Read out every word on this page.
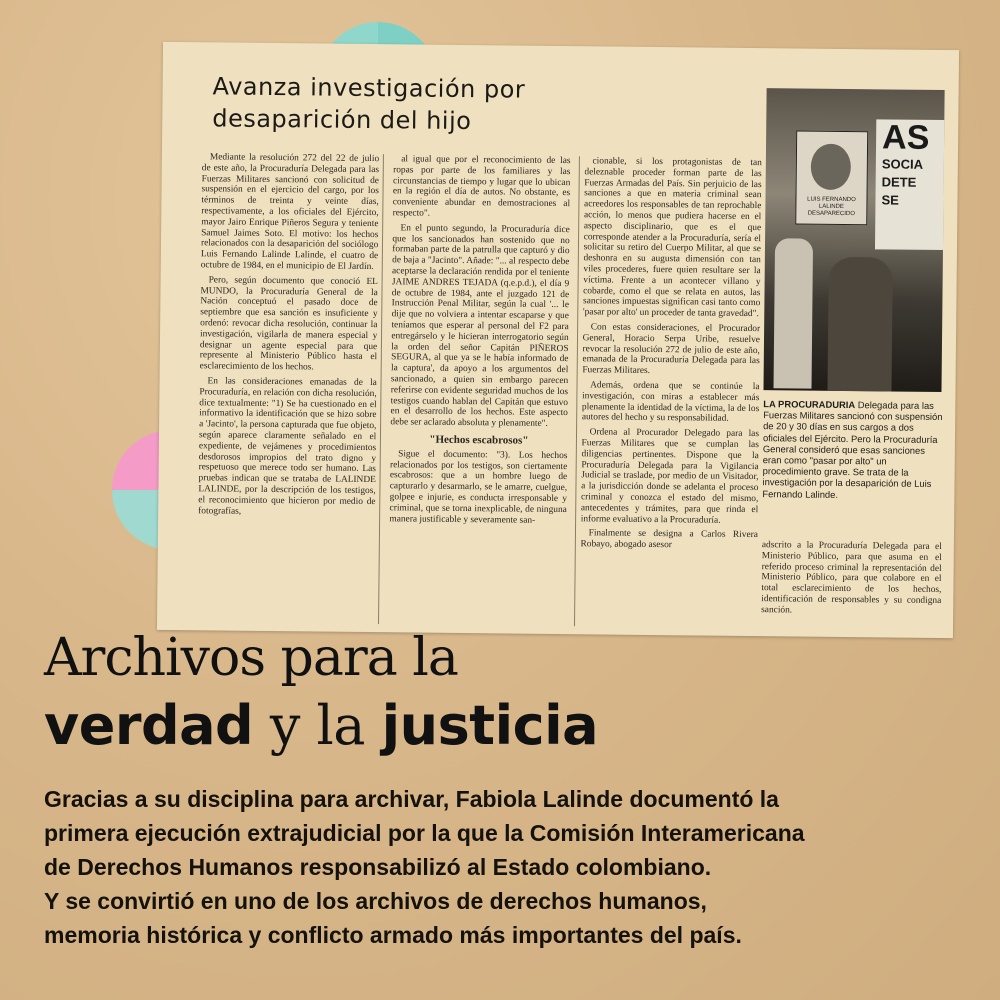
Avanza investigación por desaparición del hijo

Mediante la resolución 272 del 22 de julio de este año, la Procuraduría Delegada para las Fuerzas Militares sancionó con solicitud de suspensión en el ejercicio del cargo, por los términos de treinta y veinte días, respectivamente, a los oficiales del Ejército, mayor Jairo Enrique Piñeros Segura y teniente Samuel Jaimes Soto. El motivo: los hechos relacionados con la desaparición del sociólogo Luis Fernando Lalinde Lalinde, el cuatro de octubre de 1984, en el municipio de El Jardín.

Pero, según documento que conoció EL MUNDO, la Procuraduría General de la Nación conceptuó el pasado doce de septiembre que esa sanción es insuficiente y ordenó: revocar dicha resolución, continuar la investigación, vigilarla de manera especial y designar un agente especial para que represente al Ministerio Público hasta el esclarecimiento de los hechos.

En las consideraciones emanadas de la Procuraduría, en relación con dicha resolución, dice textualmente: "1) Se ha cuestionado en el informativo la identificación que se hizo sobre a 'Jacinto', la persona capturada que fue objeto, según aparece claramente señalado en el expediente, de vejámenes y procedimientos desdorosos impropios del trato digno y respetuoso que merece todo ser humano. Las pruebas indican que se trataba de LALINDE LALINDE, por la descripción de los testigos, el reconocimiento que hicieron por medio de fotografías,

al igual que por el reconocimiento de las ropas por parte de los familiares y las circunstancias de tiempo y lugar que lo ubican en la región el día de autos. No obstante, es conveniente abundar en demostraciones al respecto".

En el punto segundo, la Procuraduría dice que los sancionados han sostenido que no formaban parte de la patrulla que capturó y dio de baja a "Jacinto". Añade: "... al respecto debe aceptarse la declaración rendida por el teniente JAIME ANDRES TEJADA (q.e.p.d.), el día 9 de octubre de 1984, ante el juzgado 121 de Instrucción Penal Militar, según la cual '... le dije que no volviera a intentar escaparse y que teníamos que esperar al personal del F2 para entregárselo y le hicieran interrogatorio según la orden del señor Capitán PIÑEROS SEGURA, al que ya se le había informado de la captura', da apoyo a los argumentos del sancionado, a quien sin embargo parecen referirse con evidente seguridad muchos de los testigos cuando hablan del Capitán que estuvo en el desarrollo de los hechos. Este aspecto debe ser aclarado absoluta y plenamente".

"Hechos escabrosos"

Sigue el documento: "3). Los hechos relacionados por los testigos, son ciertamente escabrosos: que a un hombre luego de capturarlo y desarmarlo, se le amarre, cuelgue, golpee e injurie, es conducta irresponsable y criminal, que se torna inexplicable, de ninguna manera justificable y severamente san-

cionable, si los protagonistas de tan deleznable proceder forman parte de las Fuerzas Armadas del País. Sin perjuicio de las sanciones a que en materia criminal sean acreedores los responsables de tan reprochable acción, lo menos que pudiera hacerse en el aspecto disciplinario, que es el que corresponde atender a la Procuraduría, sería el solicitar su retiro del Cuerpo Militar, al que se deshonra en su augusta dimensión con tan viles procederes, fuere quien resultare ser la víctima. Frente a un acontecer villano y cobarde, como el que se relata en autos, las sanciones impuestas significan casi tanto como 'pasar por alto' un proceder de tanta gravedad".

Con estas consideraciones, el Procurador General, Horacio Serpa Uribe, resuelve revocar la resolución 272 de julio de este año, emanada de la Procuraduría Delegada para las Fuerzas Militares.

Además, ordena que se continúe la investigación, con miras a establecer más plenamente la identidad de la víctima, la de los autores del hecho y su responsabilidad.

Ordena al Procurador Delegado para las Fuerzas Militares que se cumplan las diligencias pertinentes. Dispone que la Procuraduría Delegada para la Vigilancia Judicial se traslade, por medio de un Visitador, a la jurisdicción donde se adelanta el proceso criminal y conozca el estado del mismo, antecedentes y trámites, para que rinda el informe evaluativo a la Procuraduría.

Finalmente se designa a Carlos Rivera Robayo, abogado asesor

AS
SOCIA
DETE
SE
LUIS FERNANDO LALINDE DESAPARECIDO

LA PROCURADURIA Delegada para las Fuerzas Militares sancionó con suspensión de 20 y 30 días en sus cargos a dos oficiales del Ejército. Pero la Procuraduría General consideró que esas sanciones eran como "pasar por alto" un procedimiento grave. Se trata de la investigación por la desaparición de Luis Fernando Lalinde.

adscrito a la Procuraduría Delegada para el Ministerio Público, para que asuma en el referido proceso criminal la representación del Ministerio Público, para que colabore en el total esclarecimiento de los hechos, identificación de responsables y su condigna sanción.

Archivos para la
verdad y la justicia

Gracias a su disciplina para archivar, Fabiola Lalinde documentó la
primera ejecución extrajudicial por la que la Comisión Interamericana
de Derechos Humanos responsabilizó al Estado colombiano.
Y se convirtió en uno de los archivos de derechos humanos,
memoria histórica y conflicto armado más importantes del país.
